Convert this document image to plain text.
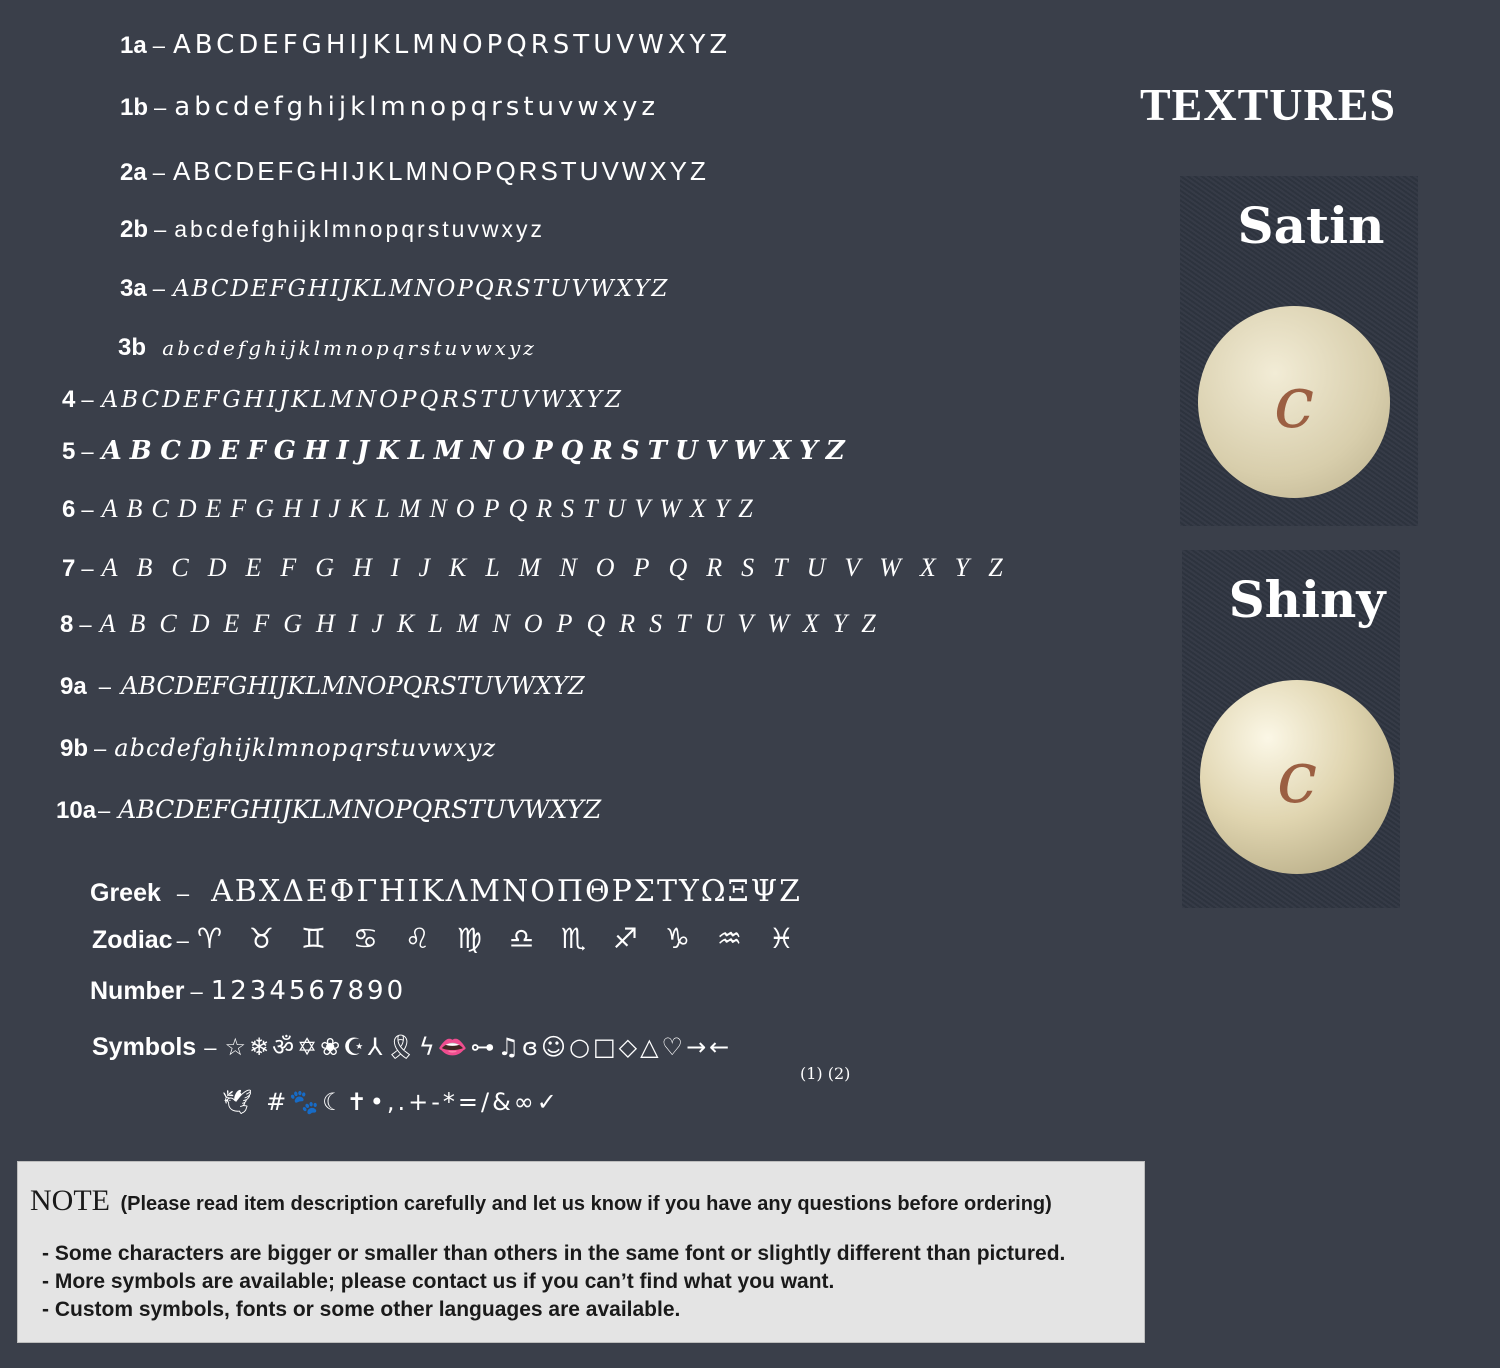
1a – ABCDEFGHIJKLMNOPQRSTUVWXYZ
1b – abcdefghijklmnopqrstuvwxyz
2a – ABCDEFGHIJKLMNOPQRSTUVWXYZ
2b – abcdefghijklmnopqrstuvwxyz
3a – ABCDEFGHIJKLMNOPQRSTUVWXYZ
3b abcdefghijklmnopqrstuvwxyz
4 – ABCDEFGHIJKLMNOPQRSTUVWXYZ
5 – ABCDEFGHIJKLMNOPQRSTUVWXYZ
6 – ABCDEFGHIJKLMNOPQRSTUVWXYZ
7 – ABCDEFGHIJKLMNOPQRSTUVWXYZ
8 – ABCDEFGHIJKLMNOPQRSTUVWXYZ
9a – ABCDEFGHIJKLMNOPQRSTUVWXYZ
9b – abcdefghijklmnopqrstuvwxyz
10a – ABCDEFGHIJKLMNOPQRSTUVWXYZ
Greek – ΑΒΧΔΕΦΓΗΙΚΛΜΝΟΠΘΡΣΤΥΩΞΨΖ
Zodiac – ♈ ♉ ♊ ♋ ♌ ♍ ♎ ♏ ♐ ♑ ♒ ♓
Number – 1234567890
Symbols – ☆❄ॐ✡❀☪⅄🎗ϟ👄⊶♫ɞ☺○□◇△♡→←
(1) (2)
🕊 #🐾☾✝•,.+-*=/&∞✓
TEXTURES
Satin
c
Shiny
c
NOTE (Please read item description carefully and let us know if you have any questions before ordering)
- Some characters are bigger or smaller than others in the same font or slightly different than pictured.
- More symbols are available; please contact us if you can’t find what you want.
- Custom symbols, fonts or some other languages are available.
